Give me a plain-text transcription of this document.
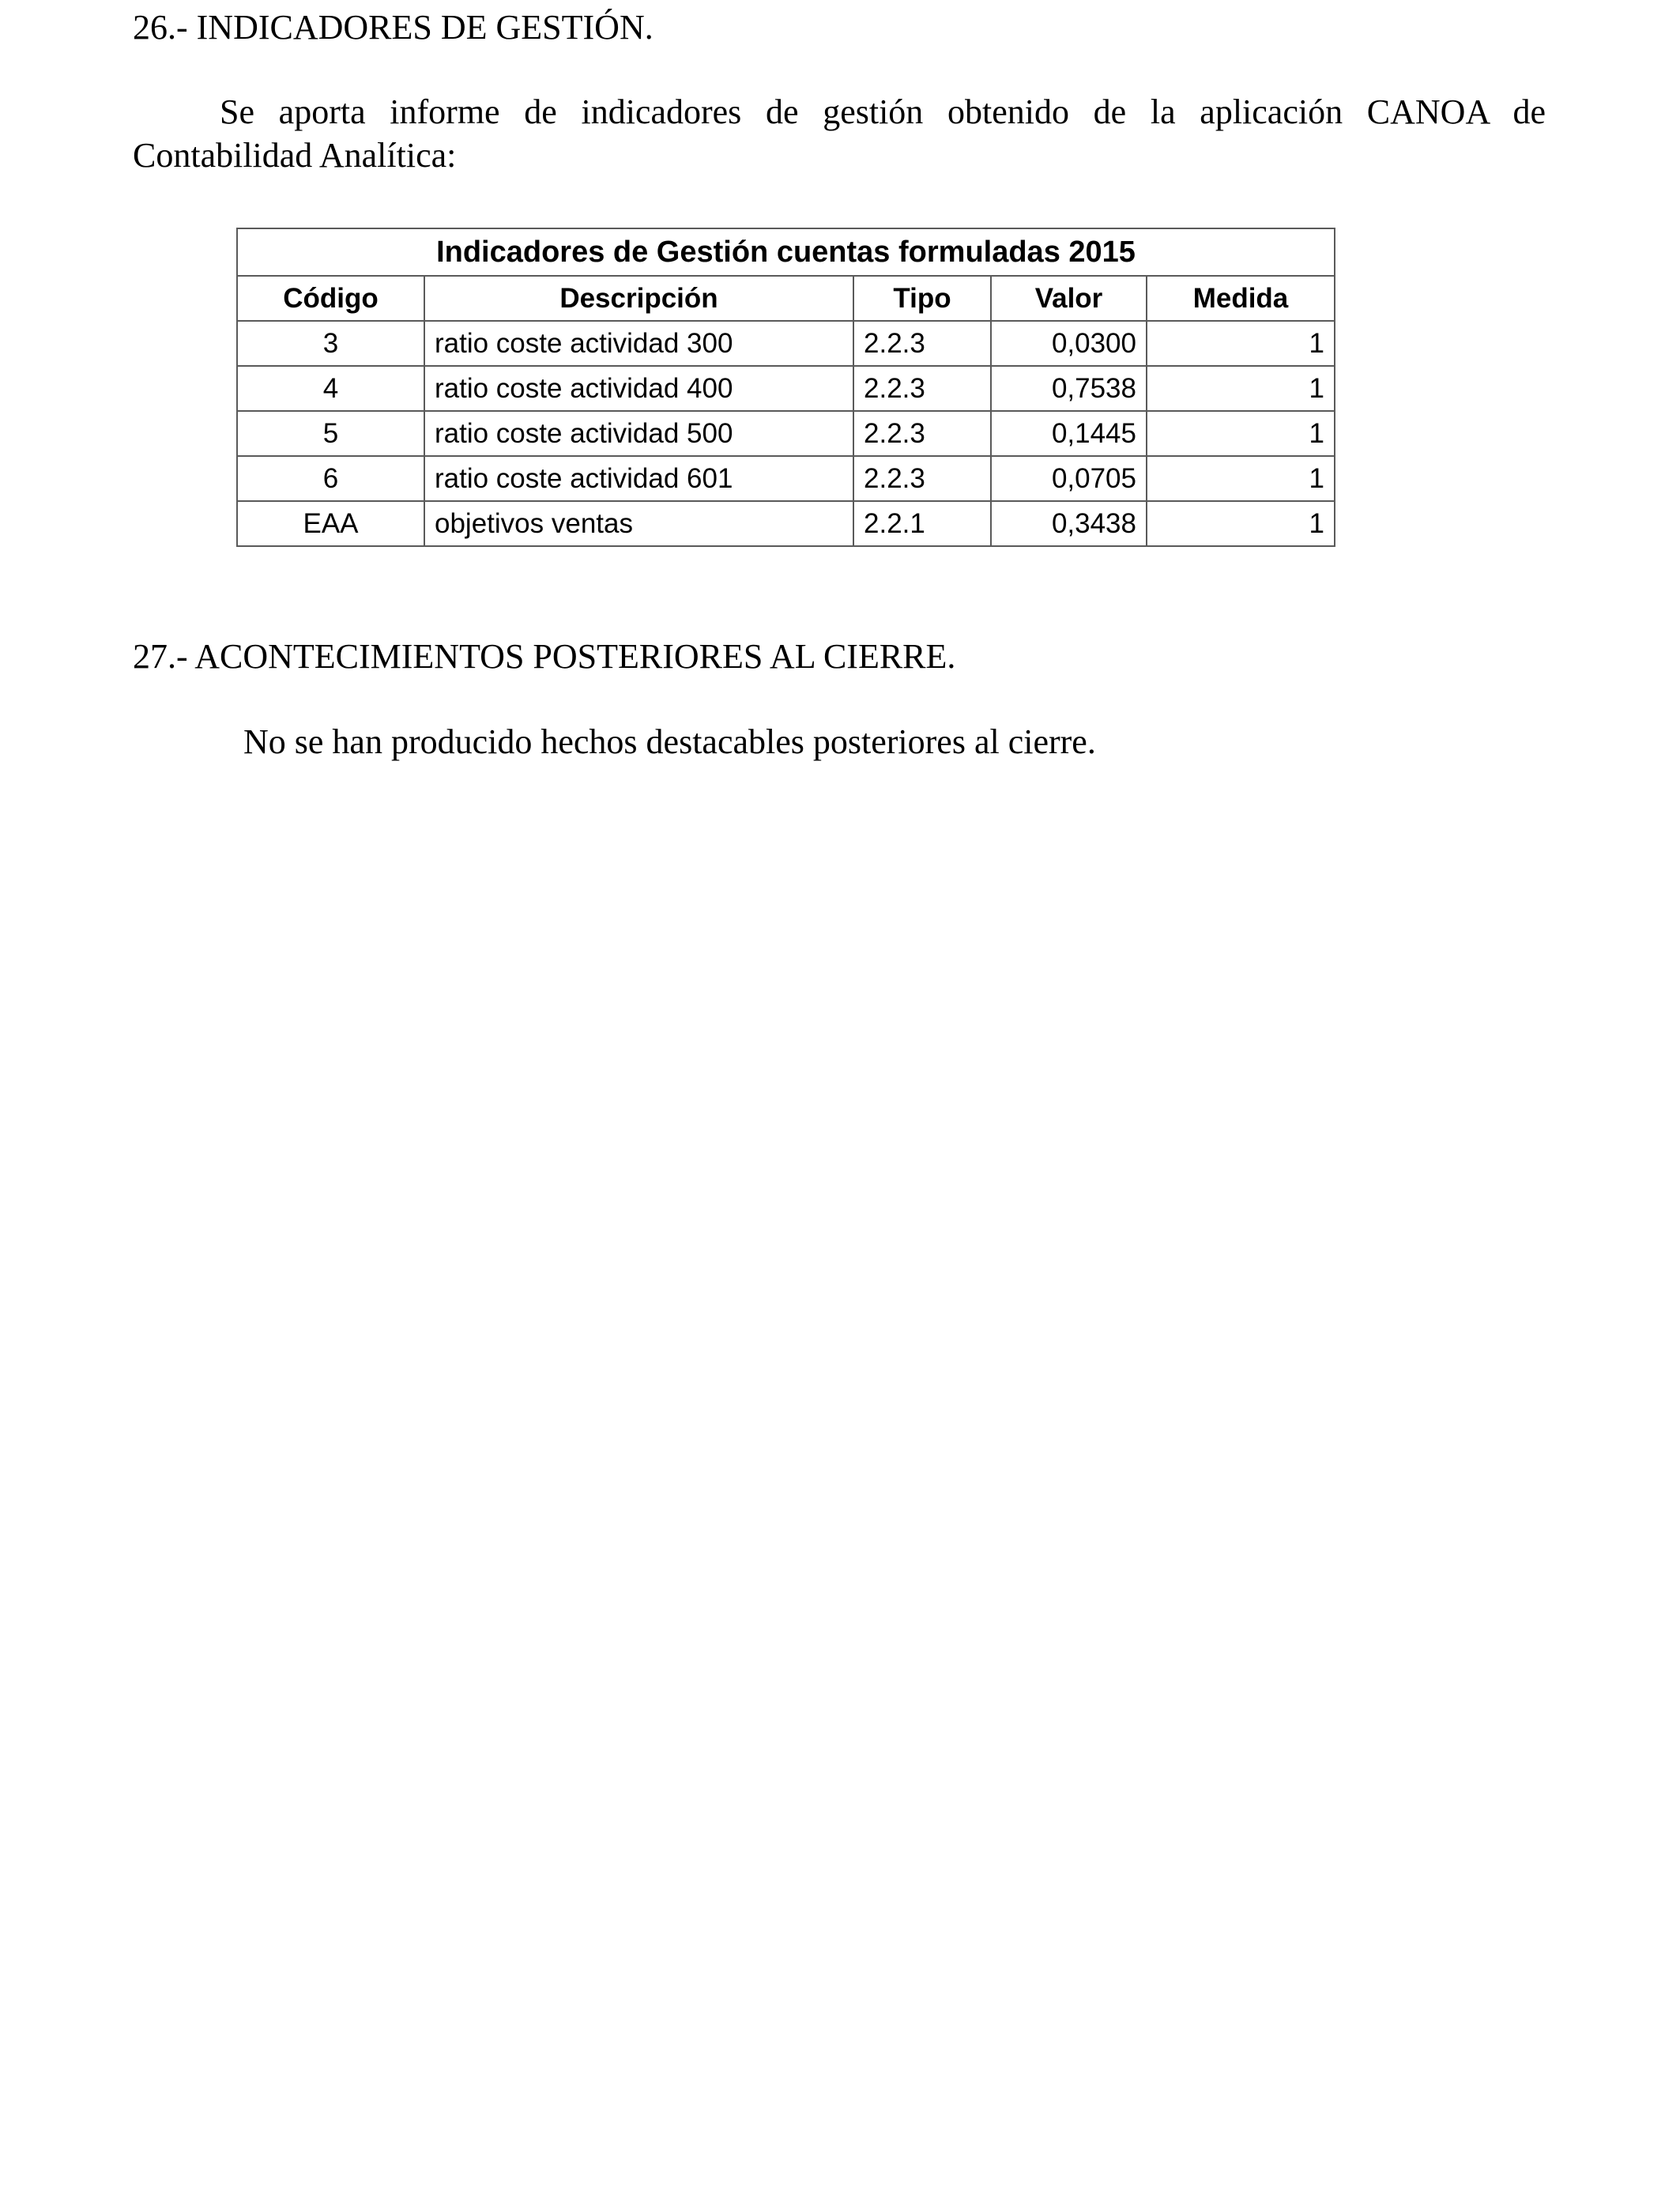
26.- INDICADORES DE GESTIÓN.

Se aporta informe de indicadores de gestión obtenido de la aplicación CANOA de Contabilidad Analítica:

Indicadores de Gestión cuentas formuladas 2015				
Código	Descripción	Tipo	Valor	Medida
3	ratio coste actividad 300	2.2.3	0,0300	1
4	ratio coste actividad 400	2.2.3	0,7538	1
5	ratio coste actividad 500	2.2.3	0,1445	1
6	ratio coste actividad 601	2.2.3	0,0705	1
EAA	objetivos ventas	2.2.1	0,3438	1
27.- ACONTECIMIENTOS POSTERIORES AL CIERRE.

No se han producido hechos destacables posteriores al cierre.
